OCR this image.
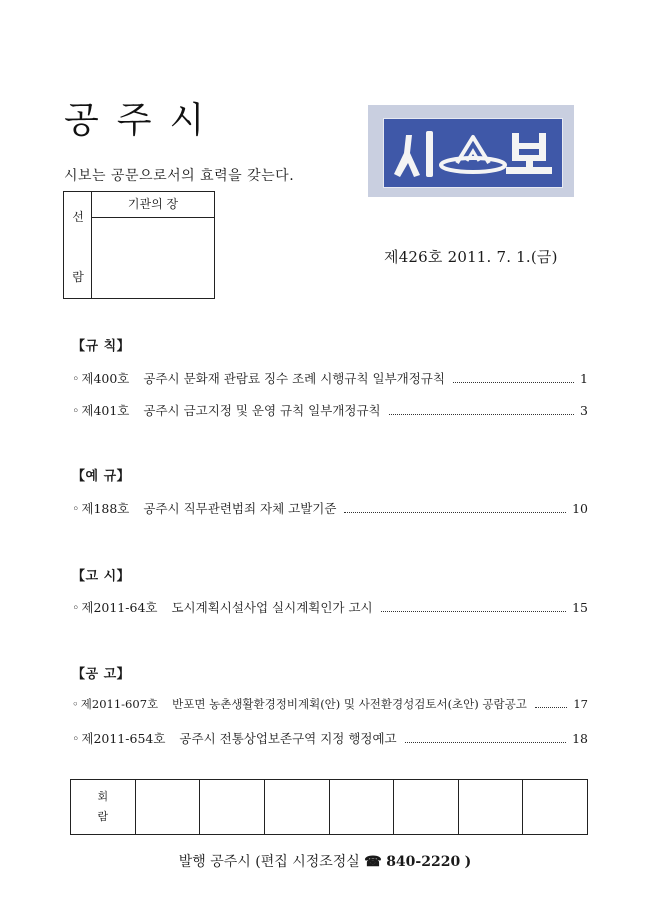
공주시
시보는 공문으로서의 효력을 갖는다.
선
람
기관의 장
제426호 2011. 7. 1.(금)
【규 칙】
◦ 제400호 공주시 문화재 관람료 징수 조례 시행규칙 일부개정규칙	1
◦ 제401호 공주시 금고지정 및 운영 규칙 일부개정규칙	3
【예 규】
◦ 제188호 공주시 직무관련범죄 자체 고발기준	10
【고 시】
◦ 제2011-64호 도시계획시설사업 실시계획인가 고시	15
【공 고】
◦ 제2011-607호 반포면 농촌생활환경정비계획(안) 및 사전환경성검토서(초안) 공람공고	17
◦ 제2011-654호 공주시 전통상업보존구역 지정 행정예고	18
회
람
발행 공주시 (편집 시정조정실 ☎ 840-2220 )
